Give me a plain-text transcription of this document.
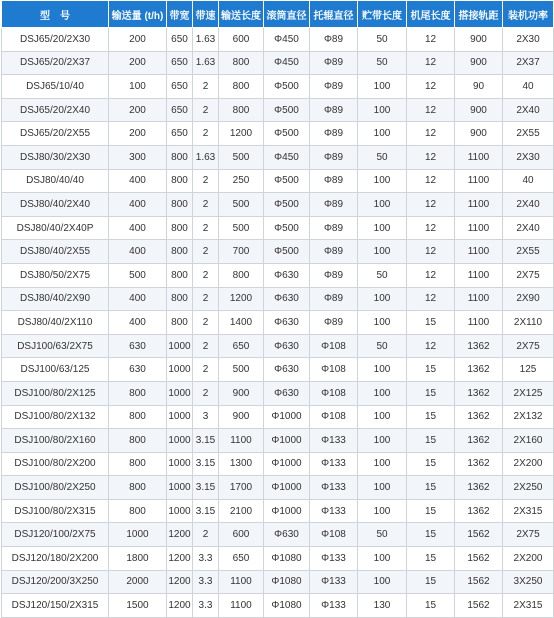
型　号	输送量 (t/h)	带宽	带速	输送长度	滚筒直径	托辊直径	贮带长度	机尾长度	搭接轨距	装机功率
DSJ65/20/2X30	200	650	1.63	600	Φ450	Φ89	50	12	900	2X30
DSJ65/20/2X37	200	650	1.63	800	Φ450	Φ89	50	12	900	2X37
DSJ65/10/40	100	650	2	800	Φ500	Φ89	100	12	90	40
DSJ65/20/2X40	200	650	2	800	Φ500	Φ89	100	12	900	2X40
DSJ65/20/2X55	200	650	2	1200	Φ500	Φ89	100	12	900	2X55
DSJ80/30/2X30	300	800	1.63	500	Φ450	Φ89	50	12	1100	2X30
DSJ80/40/40	400	800	2	250	Φ500	Φ89	100	12	1100	40
DSJ80/40/2X40	400	800	2	500	Φ500	Φ89	100	12	1100	2X40
DSJ80/40/2X40P	400	800	2	500	Φ500	Φ89	100	12	1100	2X40
DSJ80/40/2X55	400	800	2	700	Φ500	Φ89	100	12	1100	2X55
DSJ80/50/2X75	500	800	2	800	Φ630	Φ89	50	12	1100	2X75
DSJ80/40/2X90	400	800	2	1200	Φ630	Φ89	100	12	1100	2X90
DSJ80/40/2X110	400	800	2	1400	Φ630	Φ89	100	15	1100	2X110
DSJ100/63/2X75	630	1000	2	650	Φ630	Φ108	50	12	1362	2X75
DSJ100/63/125	630	1000	2	500	Φ630	Φ108	100	15	1362	125
DSJ100/80/2X125	800	1000	2	900	Φ630	Φ108	100	15	1362	2X125
DSJ100/80/2X132	800	1000	3	900	Φ1000	Φ108	100	15	1362	2X132
DSJ100/80/2X160	800	1000	3.15	1100	Φ1000	Φ133	100	15	1362	2X160
DSJ100/80/2X200	800	1000	3.15	1300	Φ1000	Φ133	100	15	1362	2X200
DSJ100/80/2X250	800	1000	3.15	1700	Φ1000	Φ133	100	15	1362	2X250
DSJ100/80/2X315	800	1000	3.15	2100	Φ1000	Φ133	100	15	1362	2X315
DSJ120/100/2X75	1000	1200	2	600	Φ630	Φ108	50	15	1562	2X75
DSJ120/180/2X200	1800	1200	3.3	650	Φ1080	Φ133	100	15	1562	2X200
DSJ120/200/3X250	2000	1200	3.3	1100	Φ1080	Φ133	100	15	1562	3X250
DSJ120/150/2X315	1500	1200	3.3	1100	Φ1080	Φ133	130	15	1562	2X315
